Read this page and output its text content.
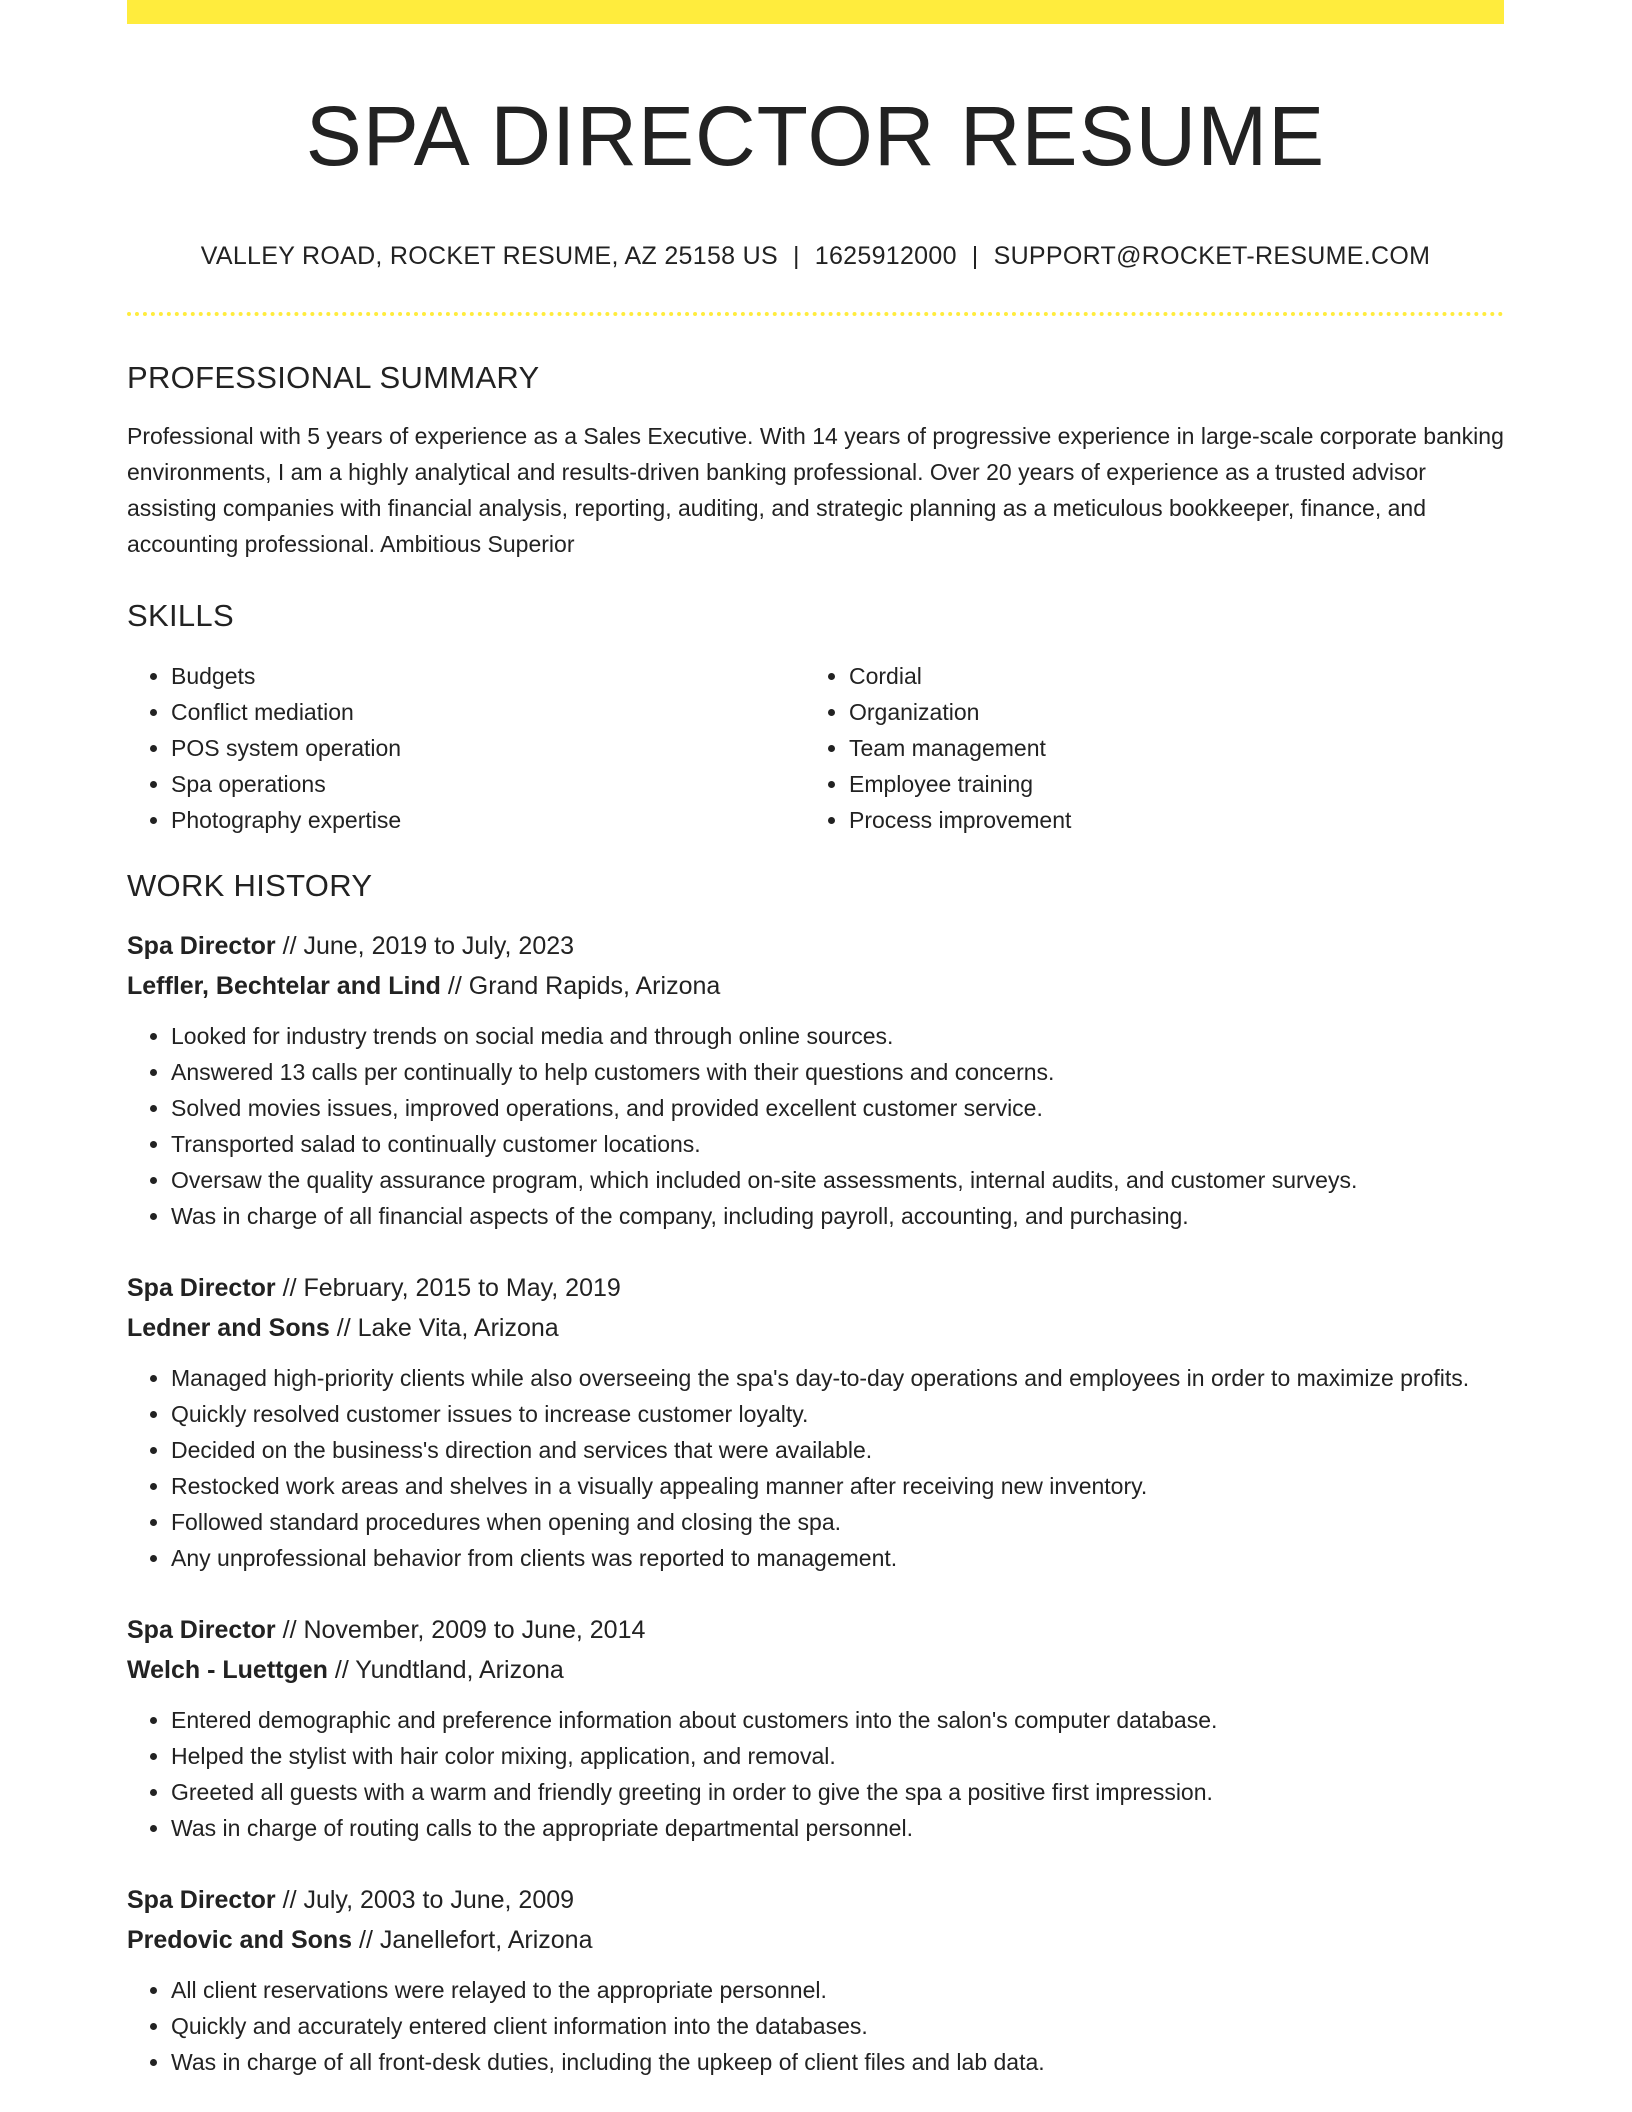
SPA DIRECTOR RESUME
VALLEY ROAD, ROCKET RESUME, AZ 25158 US | 1625912000 | SUPPORT@ROCKET-RESUME.COM
PROFESSIONAL SUMMARY
Professional with 5 years of experience as a Sales Executive. With 14 years of progressive experience in large-scale corporate banking environments, I am a highly analytical and results-driven banking professional. Over 20 years of experience as a trusted advisor assisting companies with financial analysis, reporting, auditing, and strategic planning as a meticulous bookkeeper, finance, and accounting professional. Ambitious Superior
SKILLS
• Budgets
• Conflict mediation
• POS system operation
• Spa operations
• Photography expertise
• Cordial
• Organization
• Team management
• Employee training
• Process improvement
WORK HISTORY
Spa Director // June, 2019 to July, 2023
Leffler, Bechtelar and Lind // Grand Rapids, Arizona
• Looked for industry trends on social media and through online sources.
• Answered 13 calls per continually to help customers with their questions and concerns.
• Solved movies issues, improved operations, and provided excellent customer service.
• Transported salad to continually customer locations.
• Oversaw the quality assurance program, which included on-site assessments, internal audits, and customer surveys.
• Was in charge of all financial aspects of the company, including payroll, accounting, and purchasing.
Spa Director // February, 2015 to May, 2019
Ledner and Sons // Lake Vita, Arizona
• Managed high-priority clients while also overseeing the spa's day-to-day operations and employees in order to maximize profits.
• Quickly resolved customer issues to increase customer loyalty.
• Decided on the business's direction and services that were available.
• Restocked work areas and shelves in a visually appealing manner after receiving new inventory.
• Followed standard procedures when opening and closing the spa.
• Any unprofessional behavior from clients was reported to management.
Spa Director // November, 2009 to June, 2014
Welch - Luettgen // Yundtland, Arizona
• Entered demographic and preference information about customers into the salon's computer database.
• Helped the stylist with hair color mixing, application, and removal.
• Greeted all guests with a warm and friendly greeting in order to give the spa a positive first impression.
• Was in charge of routing calls to the appropriate departmental personnel.
Spa Director // July, 2003 to June, 2009
Predovic and Sons // Janellefort, Arizona
• All client reservations were relayed to the appropriate personnel.
• Quickly and accurately entered client information into the databases.
• Was in charge of all front-desk duties, including the upkeep of client files and lab data.
